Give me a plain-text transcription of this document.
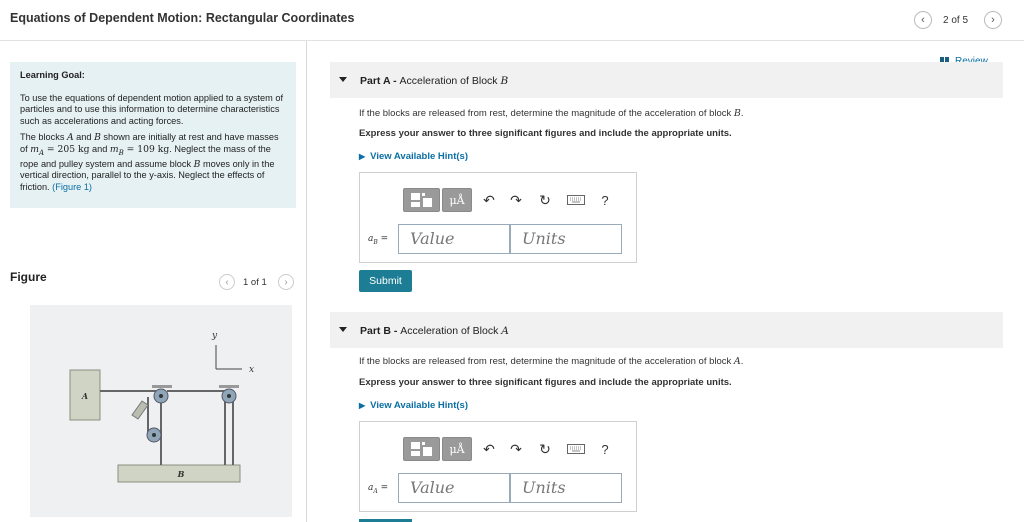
Equations of Dependent Motion: Rectangular Coordinates	‹ 2 of 5 ›

Learning Goal:

To use the equations of dependent motion applied to a system of particles and to use this information to determine characteristics such as accelerations and acting forces.

The blocks A and B shown are initially at rest and have masses of $m_A = 205$ kg and $m_B = 109$ kg. Neglect the mass of the rope and pulley system and assume block B moves only in the vertical direction, parallel to the y-axis. Neglect the effects of friction. (Figure 1)

Figure	‹ 1 of 1 ›
y
x
B
A
Part A - Acceleration of Block B
If the blocks are released from rest, determine the magnitude of the acceleration of block B.
Express your answer to three significant figures and include the appropriate units.
▶ View Available Hint(s)
μÅ	↶ ↷ ↻	?
$a_B$ =	Value	Units
Submit
Part B - Acceleration of Block A
If the blocks are released from rest, determine the magnitude of the acceleration of block A.
Express your answer to three significant figures and include the appropriate units.
▶ View Available Hint(s)
μÅ	↶ ↷ ↻	?
$a_A$ =	Value	Units
